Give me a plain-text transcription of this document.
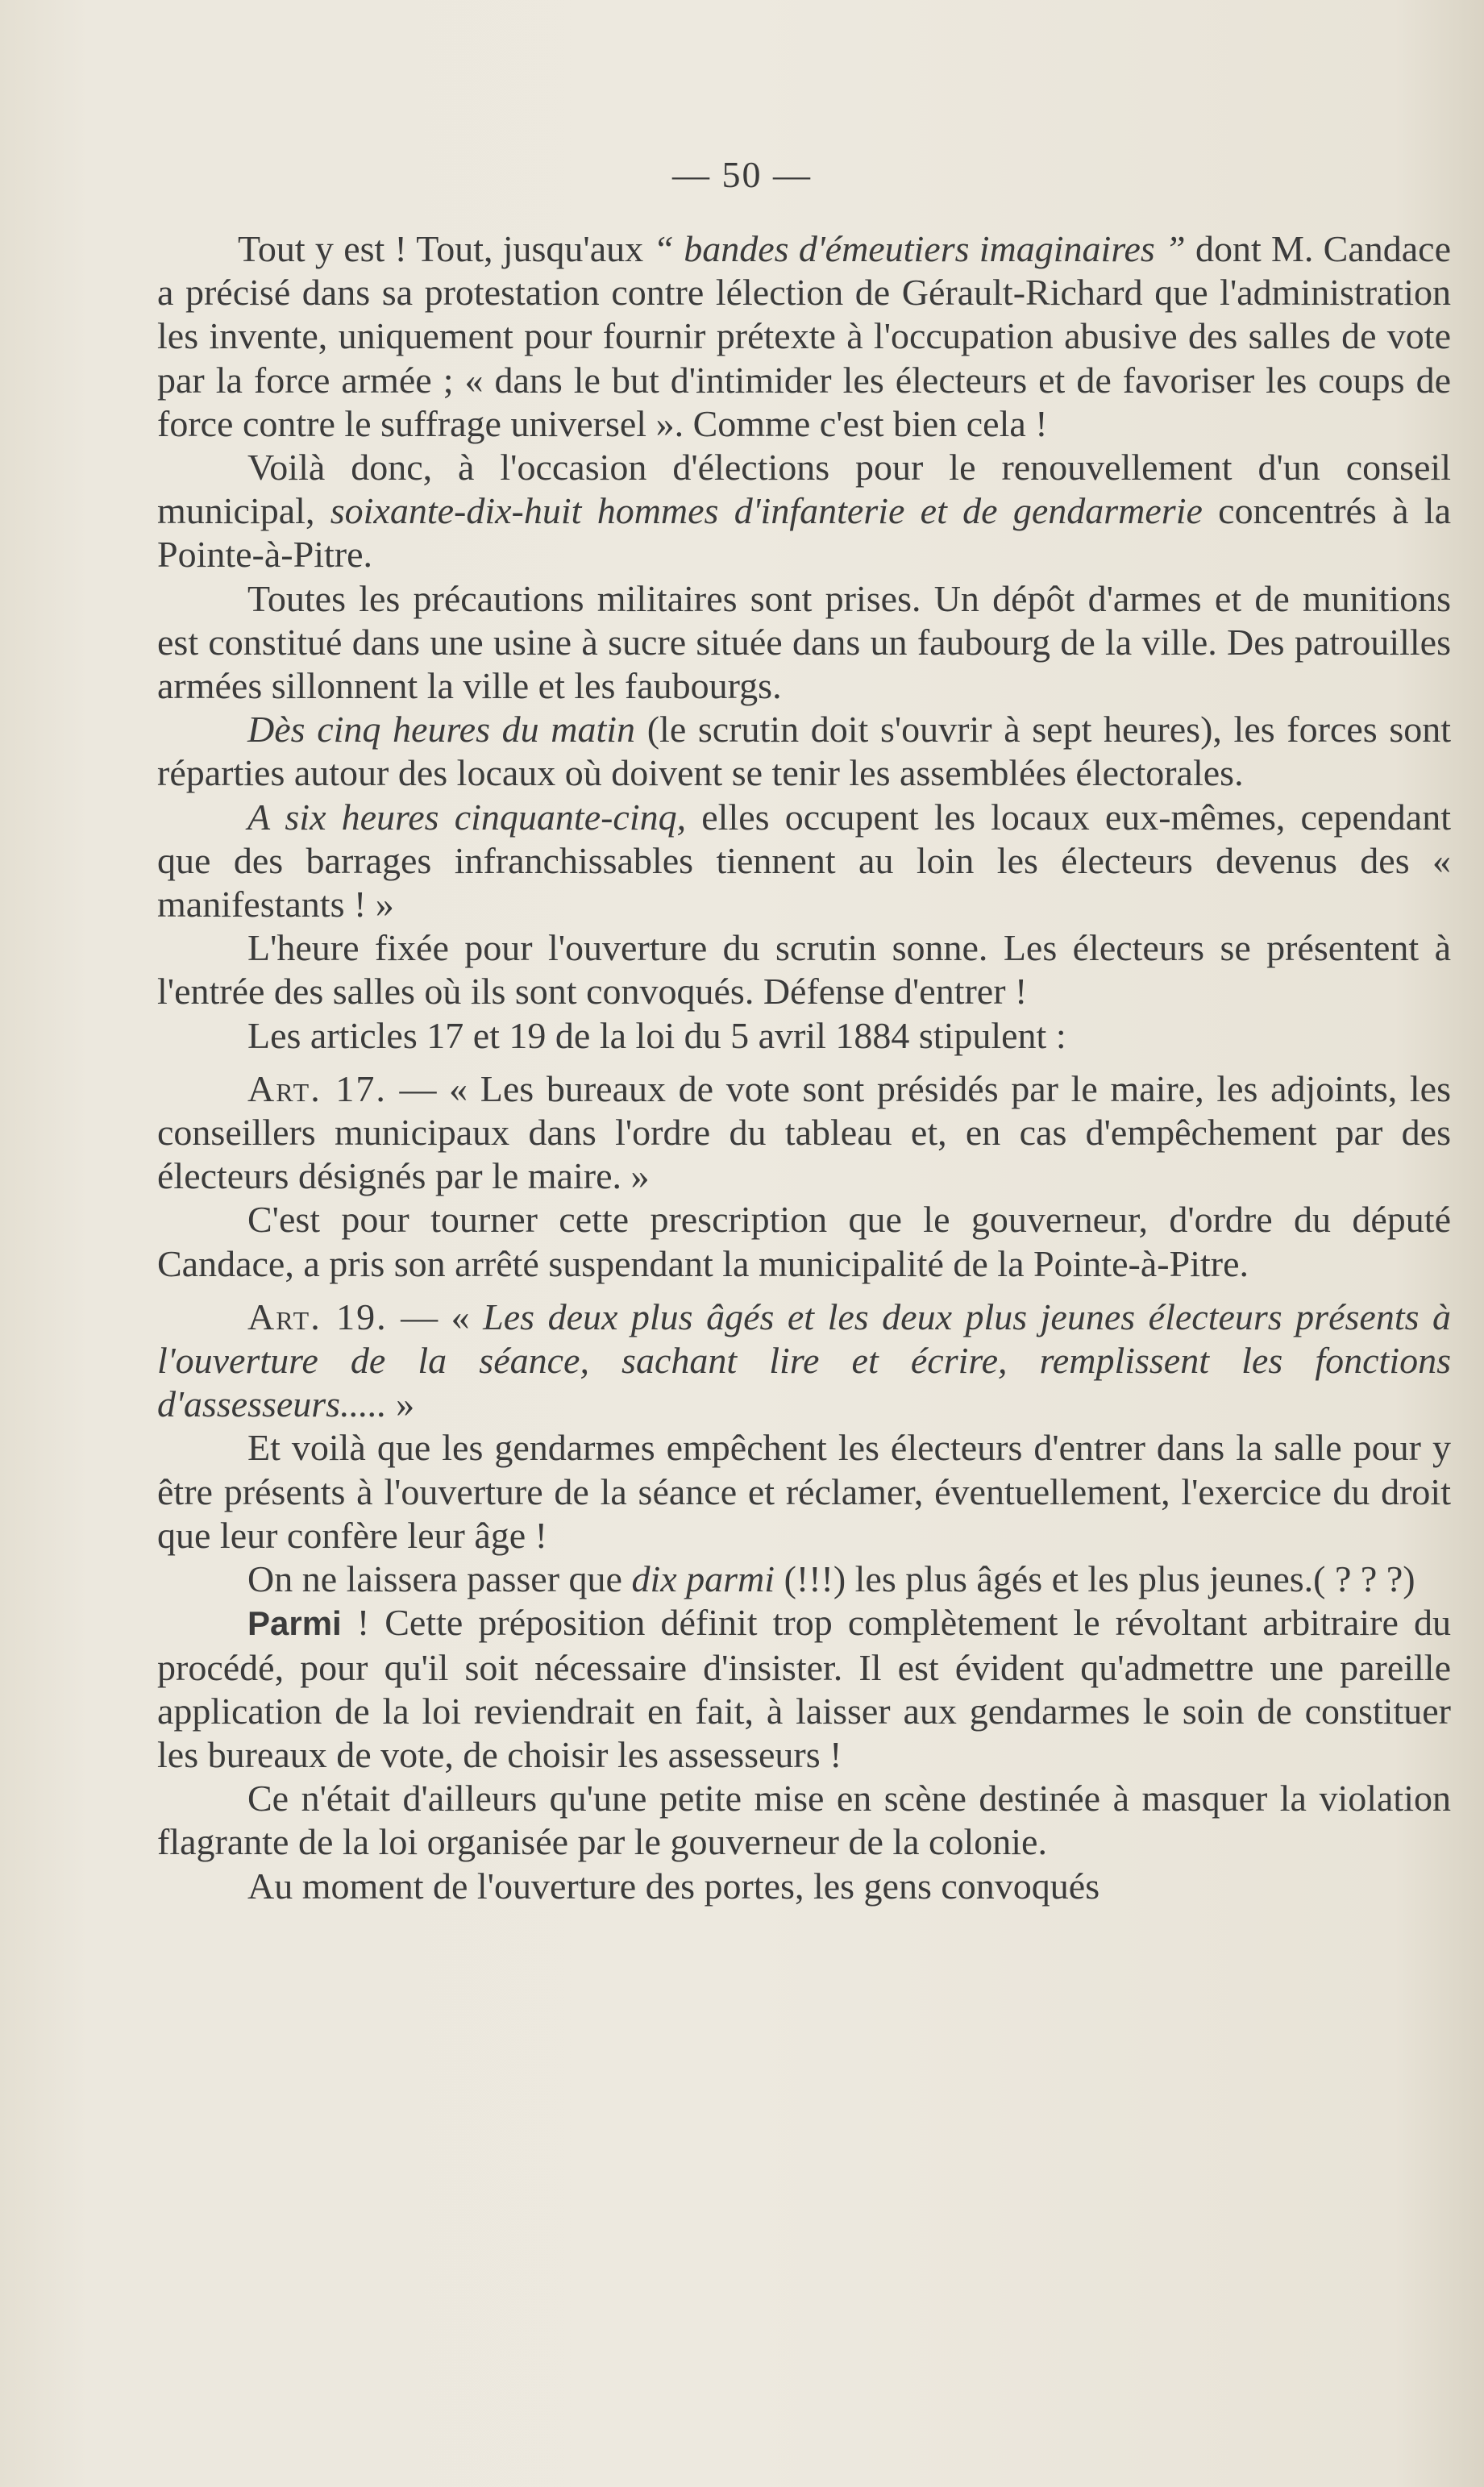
— 50 —

Tout y est ! Tout, jusqu'aux “ bandes d'émeutiers imaginaires ” dont M. Candace a précisé dans sa protestation contre lélection de Gérault-Richard que l'administration les invente, uniquement pour fournir prétexte à l'occupation abusive des salles de vote par la force armée ; « dans le but d'intimider les électeurs et de favoriser les coups de force contre le suffrage universel ». Comme c'est bien cela !

Voilà donc, à l'occasion d'élections pour le renouvellement d'un conseil municipal, soixante-dix-huit hommes d'infanterie et de gendarmerie concentrés à la Pointe-à-Pitre.

Toutes les précautions militaires sont prises. Un dépôt d'armes et de munitions est constitué dans une usine à sucre située dans un faubourg de la ville. Des patrouilles armées sillonnent la ville et les faubourgs.

Dès cinq heures du matin (le scrutin doit s'ouvrir à sept heures), les forces sont réparties autour des locaux où doivent se tenir les assemblées électorales.

A six heures cinquante-cinq, elles occupent les locaux eux-mêmes, cependant que des barrages infranchissables tiennent au loin les électeurs devenus des « manifestants ! »

L'heure fixée pour l'ouverture du scrutin sonne. Les électeurs se présentent à l'entrée des salles où ils sont convoqués. Défense d'entrer !

Les articles 17 et 19 de la loi du 5 avril 1884 stipulent :

Art. 17. — « Les bureaux de vote sont présidés par le maire, les adjoints, les conseillers municipaux dans l'ordre du tableau et, en cas d'empêchement par des électeurs désignés par le maire. »

C'est pour tourner cette prescription que le gouverneur, d'ordre du député Candace, a pris son arrêté suspendant la municipalité de la Pointe-à-Pitre.

Art. 19. — « Les deux plus âgés et les deux plus jeunes électeurs présents à l'ouverture de la séance, sachant lire et écrire, remplissent les fonctions d'assesseurs..... »

Et voilà que les gendarmes empêchent les électeurs d'entrer dans la salle pour y être présents à l'ouverture de la séance et réclamer, éventuellement, l'exercice du droit que leur confère leur âge !

On ne laissera passer que dix parmi (!!!) les plus âgés et les plus jeunes.( ? ? ?)

Parmi ! Cette préposition définit trop complètement le révoltant arbitraire du procédé, pour qu'il soit nécessaire d'insister. Il est évident qu'admettre une pareille application de la loi reviendrait en fait, à laisser aux gendarmes le soin de constituer les bureaux de vote, de choisir les assesseurs !

Ce n'était d'ailleurs qu'une petite mise en scène destinée à masquer la violation flagrante de la loi organisée par le gouverneur de la colonie.

Au moment de l'ouverture des portes, les gens convoqués
